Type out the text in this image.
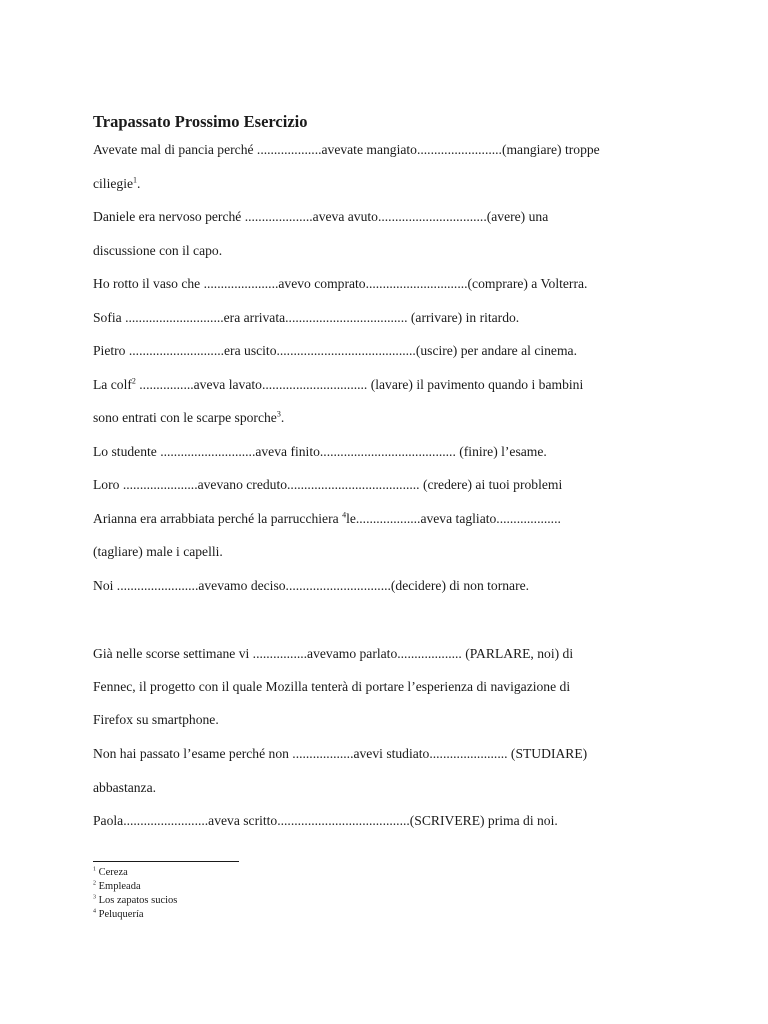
Trapassato Prossimo Esercizio
Avevate mal di pancia perché ...................avevate mangiato.........................(mangiare) troppe
ciliegie$^1$.
Daniele era nervoso perché ....................aveva avuto................................(avere) una
discussione con il capo.
Ho rotto il vaso che ......................avevo comprato..............................(comprare) a Volterra.
Sofia .............................era arrivata.................................... (arrivare) in ritardo.
Pietro ............................era uscito.........................................(uscire) per andare al cinema.
La colf$^2$ ................aveva lavato............................... (lavare) il pavimento quando i bambini
sono entrati con le scarpe sporche$^3$.
Lo studente ............................aveva finito........................................ (finire) l’esame.
Loro ......................avevano creduto....................................... (credere) ai tuoi problemi
Arianna era arrabbiata perché la parrucchiera $^4$le...................aveva tagliato...................
(tagliare) male i capelli.
Noi ........................avevamo deciso...............................(decidere) di non tornare.
Già nelle scorse settimane vi ................avevamo parlato................... (PARLARE, noi) di
Fennec, il progetto con il quale Mozilla tenterà di portare l’esperienza di navigazione di
Firefox su smartphone.
Non hai passato l’esame perché non ..................avevi studiato....................... (STUDIARE)
abbastanza.
Paola.........................aveva scritto.......................................(SCRIVERE) prima di noi.
$^1$ Cereza
$^2$ Empleada
$^3$ Los zapatos sucios
$^4$ Peluquería
